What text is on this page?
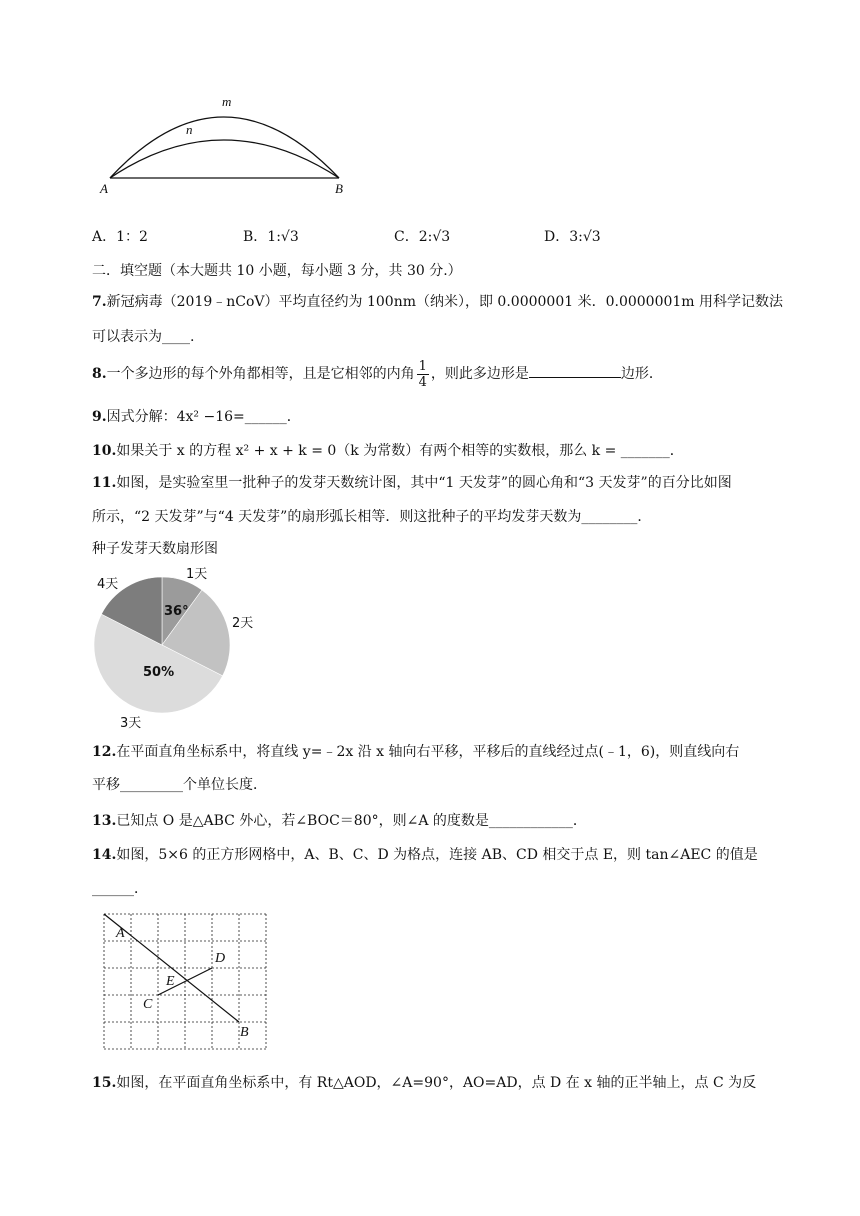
m
n
A	B
A．1：2	B．1:√3	C．2:√3	D．3:√3
二．填空题（本大题共 10 小题，每小题 3 分，共 30 分.）
7.新冠病毒（2019﹣nCoV）平均直径约为 100nm（纳米），即 0.0000001 米．0.0000001m 用科学记数法
可以表示为____.
8.一个多边形的每个外角都相等，且是它相邻的内角 $\frac{1}{4}$ ，则此多边形是	边形．
9.因式分解：4x² −16=______．
10.如果关于 x 的方程 x² + x + k = 0（k 为常数）有两个相等的实数根，那么 k = _______．
11.如图，是实验室里一批种子的发芽天数统计图，其中“1 天发芽”的圆心角和“3 天发芽”的百分比如图
所示，“2 天发芽”与“4 天发芽”的扇形弧长相等．则这批种子的平均发芽天数为________．
种子发芽天数扇形图
1天
2天
3天
4天
36°
50%
12.在平面直角坐标系中，将直线 y=﹣2x 沿 x 轴向右平移，平移后的直线经过点(﹣1，6)，则直线向右
平移_________个单位长度．
13.已知点 O 是△ABC 外心，若∠BOC＝80°，则∠A 的度数是____________．
14.如图，5×6 的正方形网格中，A、B、C、D 为格点，连接 AB、CD 相交于点 E，则 tan∠AEC 的值是
______．
A
B
C
D
E
15.如图，在平面直角坐标系中，有 Rt△AOD，∠A=90°，AO=AD，点 D 在 x 轴的正半轴上，点 C 为反
